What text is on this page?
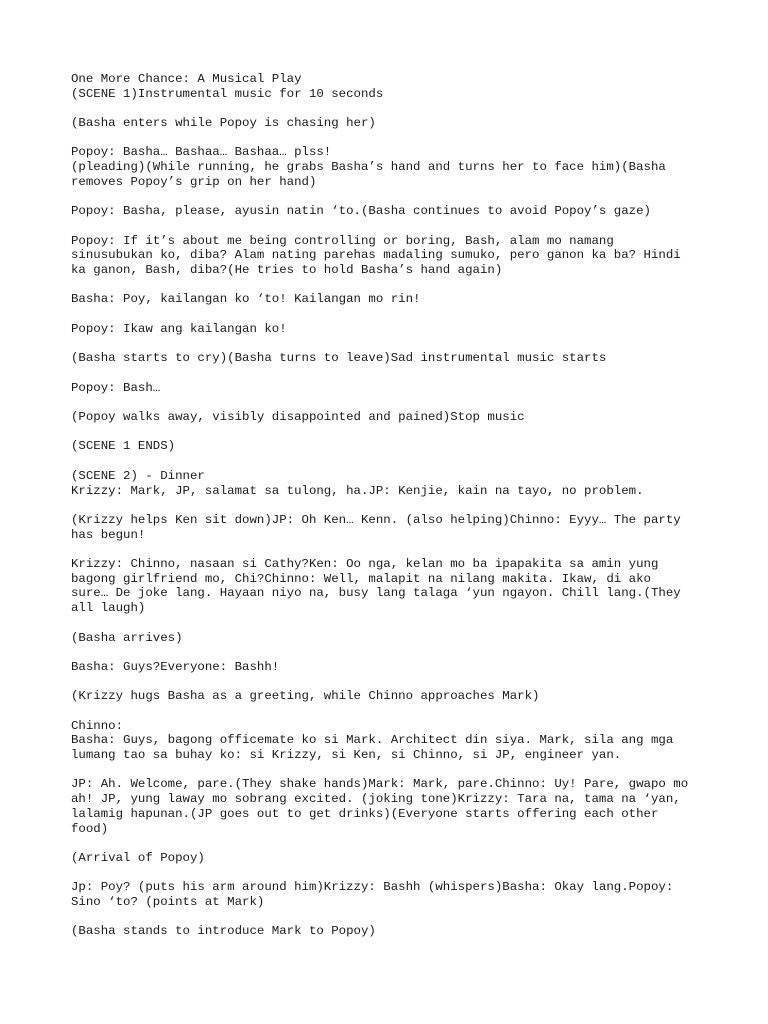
One More Chance: A Musical Play
(SCENE 1)Instrumental music for 10 seconds
(Basha enters while Popoy is chasing her)
Popoy: Basha… Bashaa… Bashaa… plss!
(pleading)(While running, he grabs Basha’s hand and turns her to face him)(Basha
removes Popoy’s grip on her hand)
Popoy: Basha, please, ayusin natin ‘to.(Basha continues to avoid Popoy’s gaze)
Popoy: If it’s about me being controlling or boring, Bash, alam mo namang
sinusubukan ko, diba? Alam nating parehas madaling sumuko, pero ganon ka ba? Hindi
ka ganon, Bash, diba?(He tries to hold Basha’s hand again)
Basha: Poy, kailangan ko ‘to! Kailangan mo rin!
Popoy: Ikaw ang kailangan ko!
(Basha starts to cry)(Basha turns to leave)Sad instrumental music starts
Popoy: Bash…
(Popoy walks away, visibly disappointed and pained)Stop music
(SCENE 1 ENDS)
(SCENE 2) - Dinner
Krizzy: Mark, JP, salamat sa tulong, ha.JP: Kenjie, kain na tayo, no problem.
(Krizzy helps Ken sit down)JP: Oh Ken… Kenn. (also helping)Chinno: Eyyy… The party
has begun!
Krizzy: Chinno, nasaan si Cathy?Ken: Oo nga, kelan mo ba ipapakita sa amin yung
bagong girlfriend mo, Chi?Chinno: Well, malapit na nilang makita. Ikaw, di ako
sure… De joke lang. Hayaan niyo na, busy lang talaga ‘yun ngayon. Chill lang.(They
all laugh)
(Basha arrives)
Basha: Guys?Everyone: Bashh!
(Krizzy hugs Basha as a greeting, while Chinno approaches Mark)
Chinno:
Basha: Guys, bagong officemate ko si Mark. Architect din siya. Mark, sila ang mga
lumang tao sa buhay ko: si Krizzy, si Ken, si Chinno, si JP, engineer yan.
JP: Ah. Welcome, pare.(They shake hands)Mark: Mark, pare.Chinno: Uy! Pare, gwapo mo
ah! JP, yung laway mo sobrang excited. (joking tone)Krizzy: Tara na, tama na ‘yan,
lalamig hapunan.(JP goes out to get drinks)(Everyone starts offering each other
food)
(Arrival of Popoy)
Jp: Poy? (puts his arm around him)Krizzy: Bashh (whispers)Basha: Okay lang.Popoy:
Sino ‘to? (points at Mark)
(Basha stands to introduce Mark to Popoy)
